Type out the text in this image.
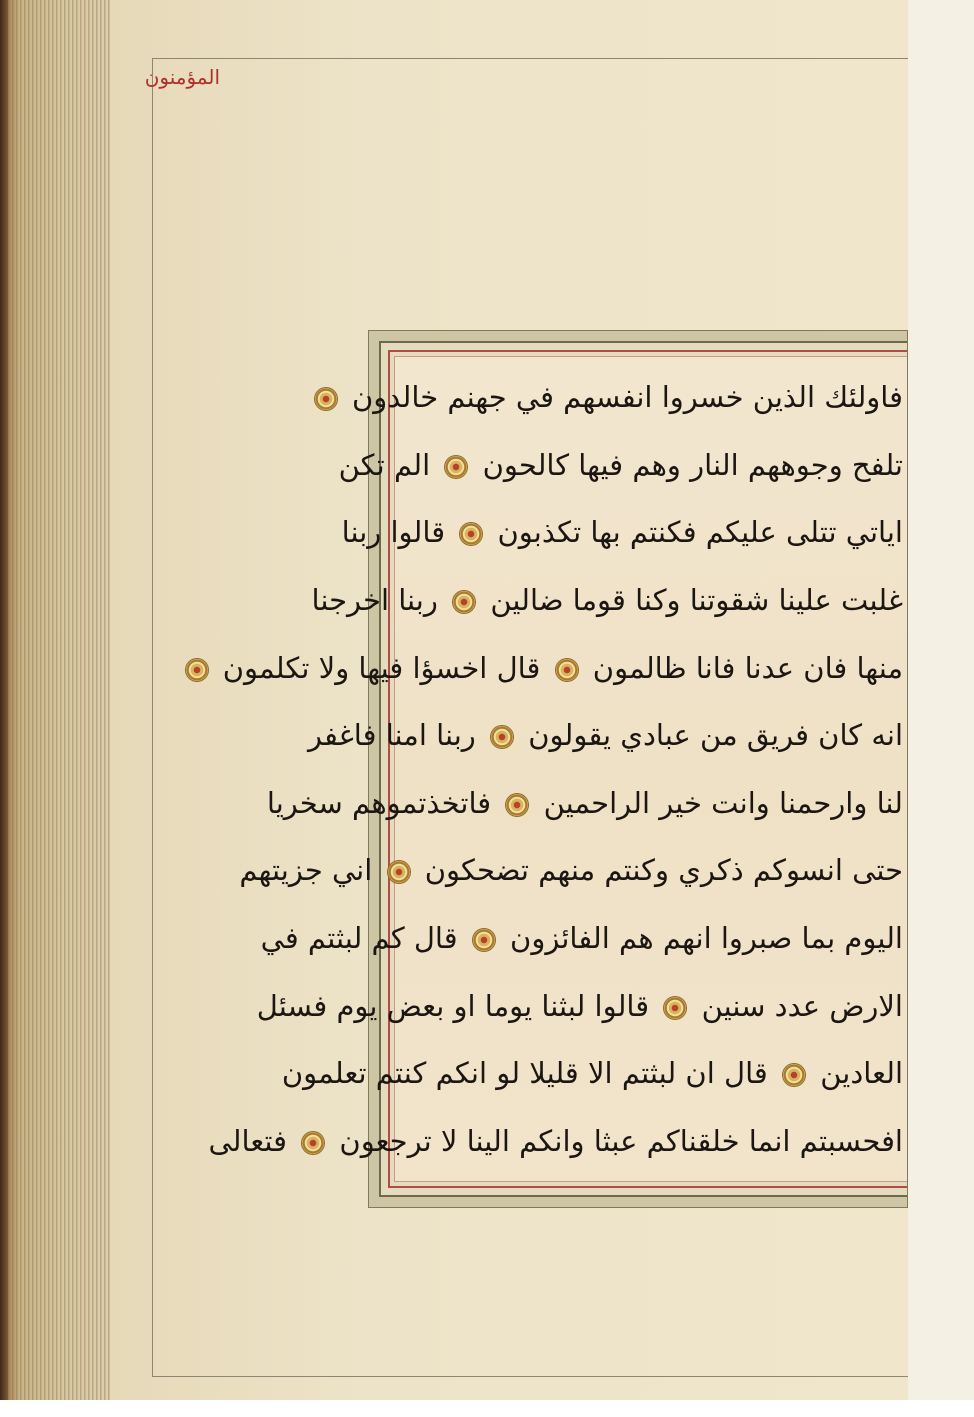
المؤمنون
فاولئك الذين خسروا انفسهم في جهنم خالدون
تلفح وجوههم النار وهم فيها كالحون  الم تكن
اياتي تتلى عليكم فكنتم بها تكذبون  قالوا ربنا
غلبت علينا شقوتنا وكنا قوما ضالين  ربنا اخرجنا
منها فان عدنا فانا ظالمون  قال اخسؤا فيها ولا تكلمون
انه كان فريق من عبادي يقولون  ربنا امنا فاغفر
لنا وارحمنا وانت خير الراحمين  فاتخذتموهم سخريا
حتى انسوكم ذكري وكنتم منهم تضحكون  اني جزيتهم
اليوم بما صبروا انهم هم الفائزون  قال كم لبثتم في
الارض عدد سنين  قالوا لبثنا يوما او بعض يوم فسئل
العادين  قال ان لبثتم الا قليلا لو انكم كنتم تعلمون
افحسبتم انما خلقناكم عبثا وانكم الينا لا ترجعون  فتعالى
